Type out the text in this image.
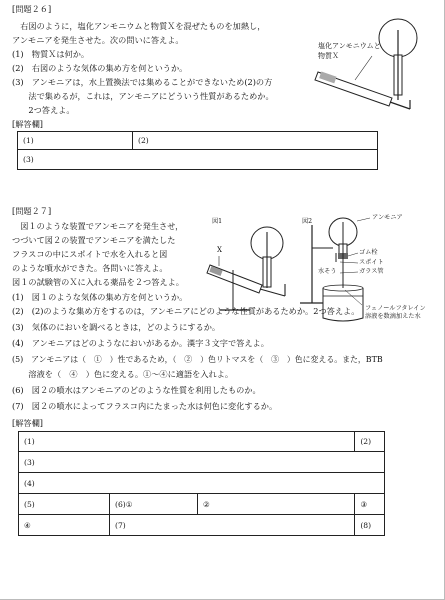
[問題２６]
　右図のように，塩化アンモニウムと物質Ｘを混ぜたものを加熱し，
アンモニアを発生させた。次の問いに答えよ。
(1)　物質Ｘは何か。
(2)　右図のような気体の集め方を何というか。
(3)　アンモニアは，水上置換法では集めることができないため(2)の方
　　法で集めるが，これは，アンモニアにどういう性質があるためか。
　　2つ答えよ。
塩化アンモニウムと
物質Ｘ
[解答欄]
(1)	(2)
(3)
[問題２７]
　図１のような装置でアンモニアを発生させ，
つづいて図２の装置でアンモニアを満たした
フラスコの中にスポイトで水を入れると図
のような噴水ができた。各問いに答えよ。
図１の試験管のＸに入れる薬品を２つ答えよ。
図1	図2
X
アンモニア
ゴム栓
スポイト
水そう	ガラス管
フェノールフタレイン
溶液を数滴加えた水
(1)　図１のような気体の集め方を何というか。
(2)　(2)のような集め方をするのは，アンモニアにどのような性質があるためか。2つ答えよ。
(3)　気体のにおいを調べるときは，どのようにするか。
(4)　アンモニアはどのようなにおいがあるか。漢字３文字で答えよ。
(5)　アンモニアは（　①　）性であるため，（　②　）色リトマスを（　③　）色に変える。また，BTB
　　溶液を（　④　）色に変える。①～④に適語を入れよ。
(6)　図２の噴水はアンモニアのどのような性質を利用したものか。
(7)　図２の噴水によってフラスコ内にたまった水は何色に変化するか。
[解答欄]
(1)			(2)
(3)			
(4)			
(5)	(6)①	②	③
④	(7)		(8)
